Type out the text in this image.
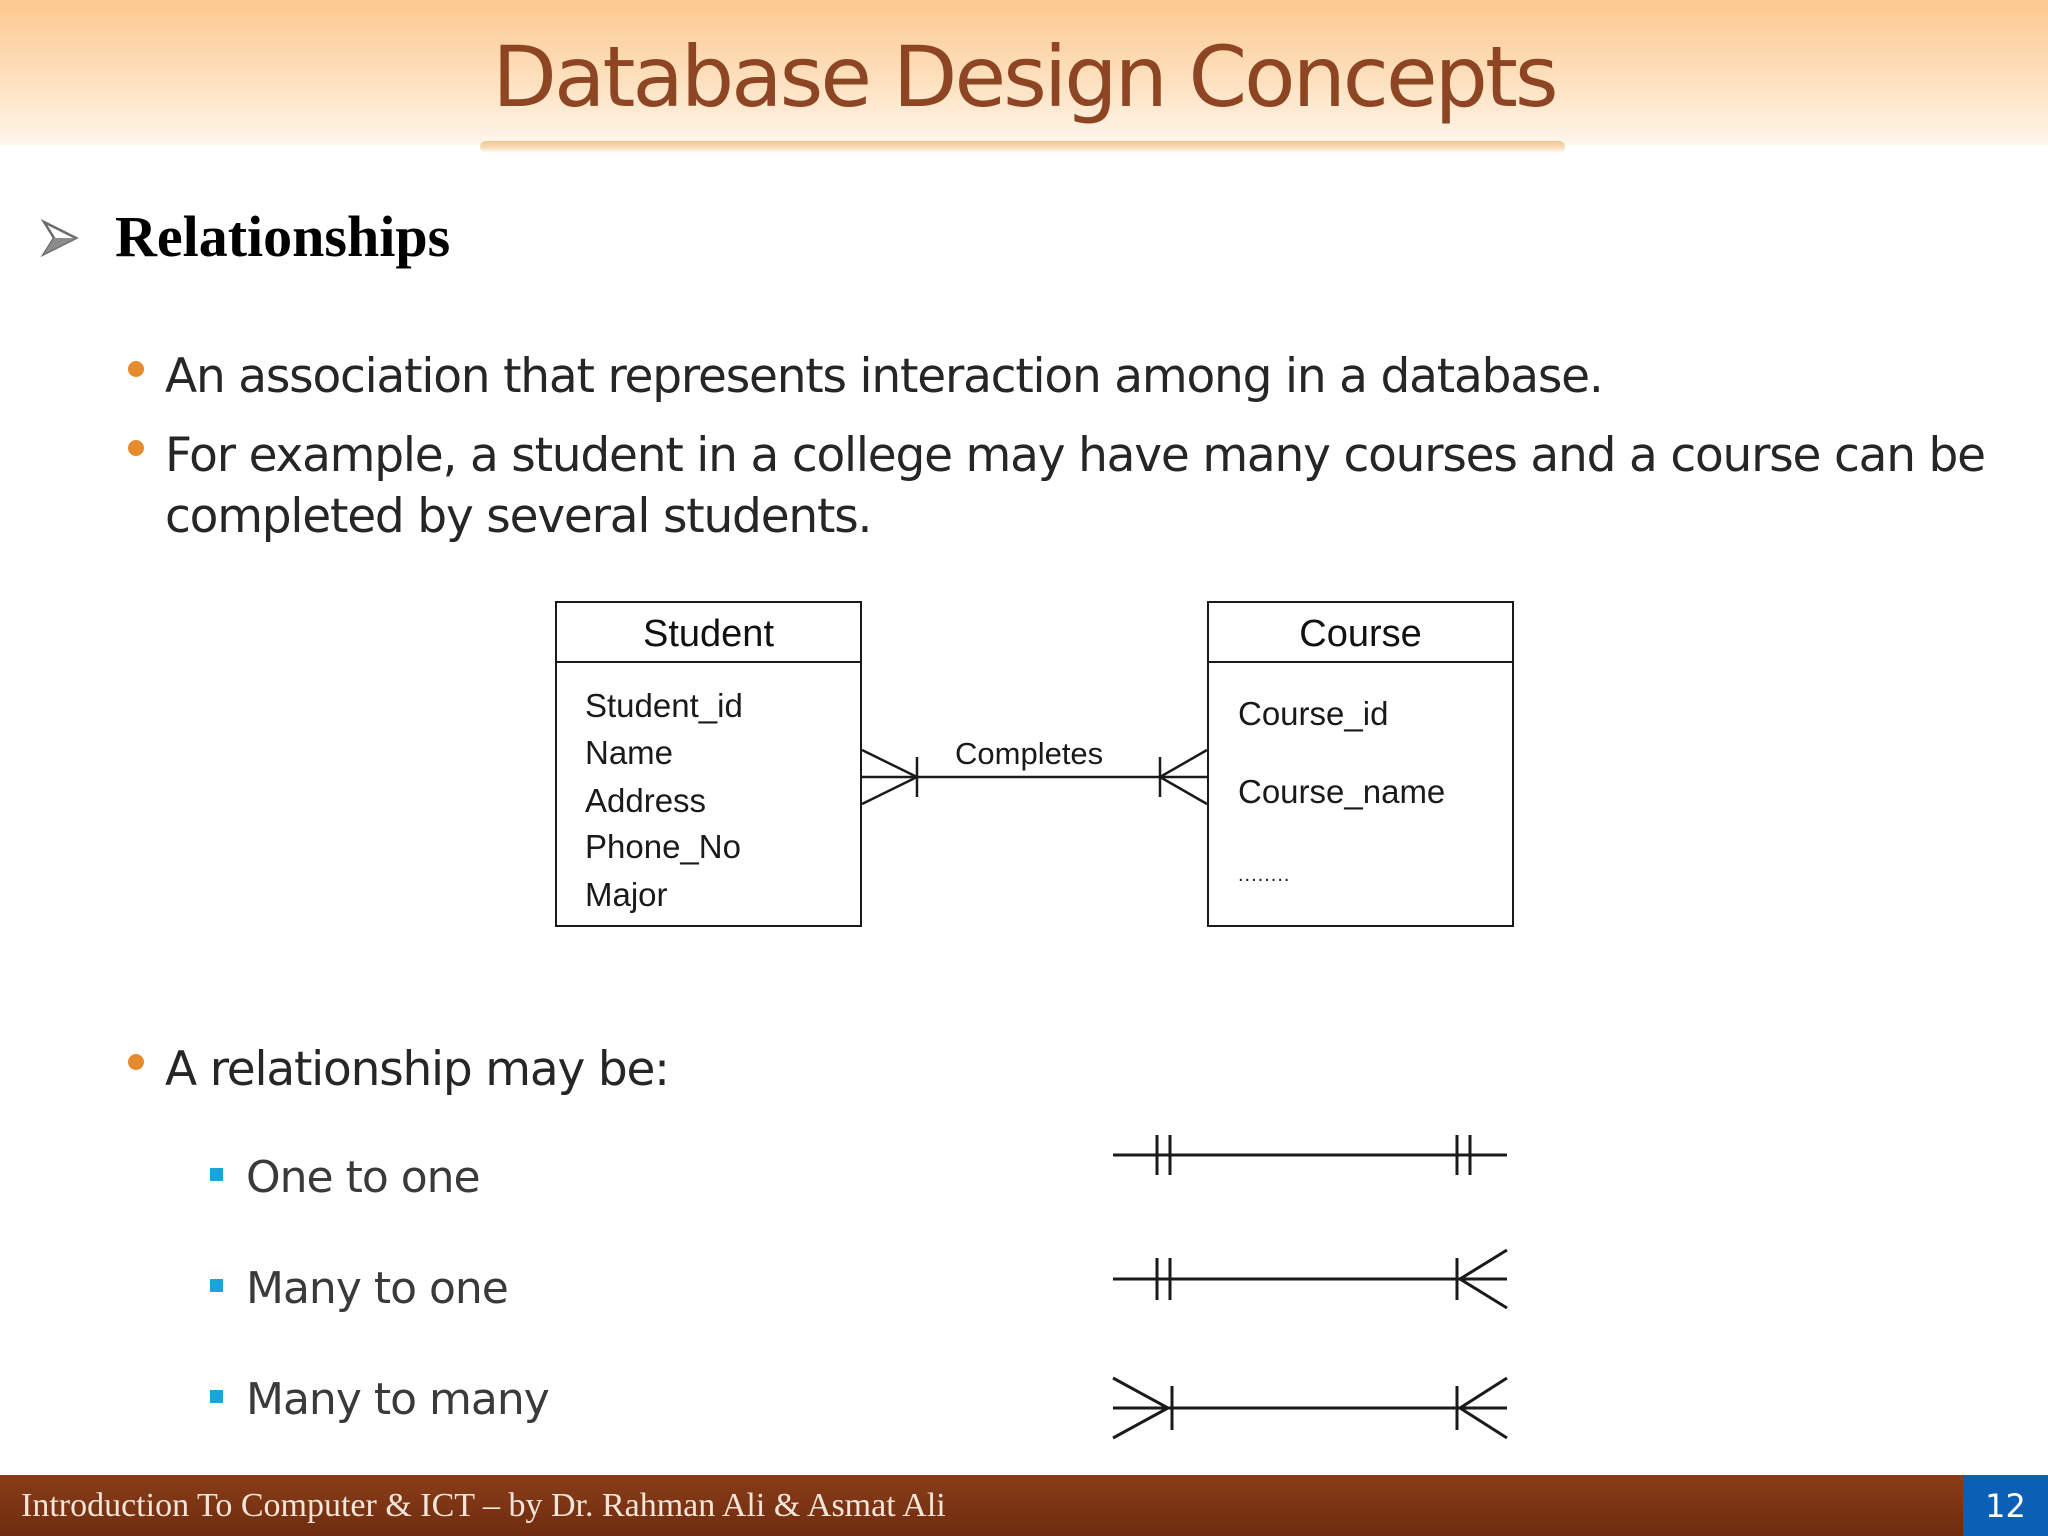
Database Design Concepts
Relationships
An association that represents interaction among in a database.
For example, a student in a college may have many courses and a course can be
completed by several students.
Student
Student_id
Name
Address
Phone_No
Major
Course
Course_id
Course_name
........
Completes
A relationship may be:
One to one
Many to one
Many to many
Introduction To Computer & ICT – by Dr. Rahman Ali & Asmat Ali	12
